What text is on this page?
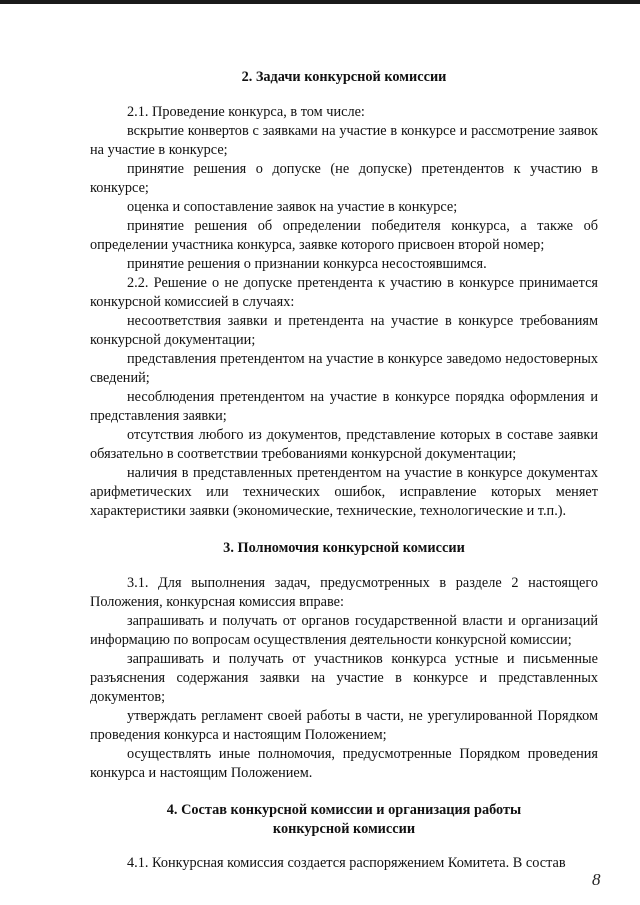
2. Задачи конкурсной комиссии

2.1. Проведение конкурса, в том числе:

вскрытие конвертов с заявками на участие в конкурсе и рассмотрение заявок на участие в конкурсе;

принятие решения о допуске (не допуске) претендентов к участию в конкурсе;

оценка и сопоставление заявок на участие в конкурсе;

принятие решения об определении победителя конкурса, а также об определении участника конкурса, заявке которого присвоен второй номер;

принятие решения о признании конкурса несостоявшимся.

2.2. Решение о не допуске претендента к участию в конкурсе принимается конкурсной комиссией в случаях:

несоответствия заявки и претендента на участие в конкурсе требованиям конкурсной документации;

представления претендентом на участие в конкурсе заведомо недостоверных сведений;

несоблюдения претендентом на участие в конкурсе порядка оформления и представления заявки;

отсутствия любого из документов, представление которых в составе заявки обязательно в соответствии требованиями конкурсной документации;

наличия в представленных претендентом на участие в конкурсе документах арифметических или технических ошибок, исправление которых меняет характеристики заявки (экономические, технические, технологические и т.п.).

3. Полномочия конкурсной комиссии

3.1. Для выполнения задач, предусмотренных в разделе 2 настоящего Положения, конкурсная комиссия вправе:

запрашивать и получать от органов государственной власти и организаций информацию по вопросам осуществления деятельности конкурсной комиссии;

запрашивать и получать от участников конкурса устные и письменные разъяснения содержания заявки на участие в конкурсе и представленных документов;

утверждать регламент своей работы в части, не урегулированной Порядком проведения конкурса и настоящим Положением;

осуществлять иные полномочия, предусмотренные Порядком проведения конкурса и настоящим Положением.

4. Состав конкурсной комиссии и организация работы
конкурсной комиссии

4.1. Конкурсная комиссия создается распоряжением Комитета. В состав

8
